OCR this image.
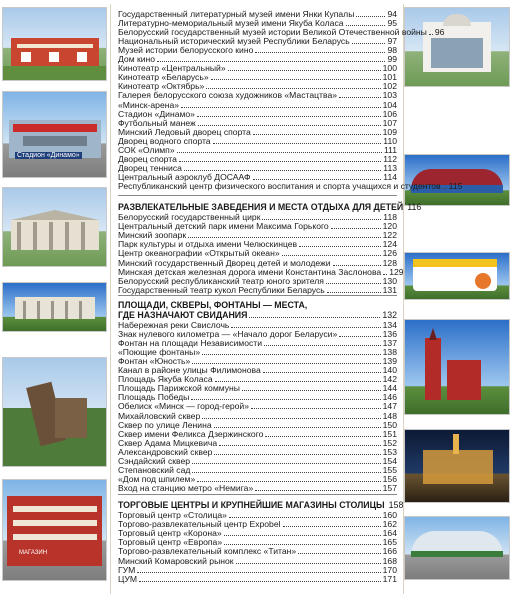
Стадион «Динамо»
МАГАЗИН
Государственный литературный музей имени Янки Купалы	94
Литературно-мемориальный музей имени Якуба Коласа	95
Белорусский государственный музей истории Великой Отечественной войны 96
Национальный исторический музей Республики Беларусь	97
Музей истории белорусского кино	98
Дом кино	99
Кинотеатр «Центральный»	100
Кинотеатр «Беларусь»	101
Кинотеатр «Октябрь»	102
Галерея белорусского союза художников «Мастацтва»	103
«Минск-арена»	104
Стадион «Динамо»	106
Футбольный манеж	107
Минский Ледовый дворец спорта	109
Дворец водного спорта	110
СОК «Олимп»	111
Дворец спорта	112
Дворец тенниса	113
Центральный аэроклуб ДОСААФ	114
Республиканский центр физического воспитания и спорта учащихся и студентов 115
РАЗВЛЕКАТЕЛЬНЫЕ ЗАВЕДЕНИЯ И МЕСТА ОТДЫХА ДЛЯ ДЕТЕЙ 116
Белорусский государственный цирк	118
Центральный детский парк имени Максима Горького	120
Минский зоопарк	122
Парк культуры и отдыха имени Челюскинцев	124
Центр океанографии «Открытый океан»	126
Минский государственный Дворец детей и молодежи	128
Минская детская железная дорога имени Константина Заслонова 129
Белорусский республиканский театр юного зрителя	130
Государственный театр кукол Республики Беларусь	131
ПЛОЩАДИ, СКВЕРЫ, ФОНТАНЫ — МЕСТА,
ГДЕ НАЗНАЧАЮТ СВИДАНИЯ	132
Набережная реки Свислочь	134
Знак нулевого километра — «Начало дорог Беларуси»	136
Фонтан на площади Независимости	137
«Поющие фонтаны»	138
Фонтан «Юность»	139
Канал в районе улицы Филимонова	140
Площадь Якуба Коласа	142
Площадь Парижской коммуны	144
Площадь Победы	146
Обелиск «Минск — город-герой»	147
Михайловский сквер	148
Сквер по улице Ленина	150
Сквер имени Феликса Дзержинского	151
Сквер Адама Мицкевича	152
Александровский сквер	153
Сэндайский сквер	154
Степановский сад	155
«Дом под шпилем»	156
Вход на станцию метро «Немига»	157
ТОРГОВЫЕ ЦЕНТРЫ И КРУПНЕЙШИЕ МАГАЗИНЫ СТОЛИЦЫ 158
Торговый центр «Столица»	160
Торгово-развлекательный центр Expobel	162
Торговый центр «Корона»	164
Торговый центр «Европа»	165
Торгово-развлекательный комплекс «Титан»	166
Минский Комаровский рынок	168
ГУМ	170
ЦУМ	171
